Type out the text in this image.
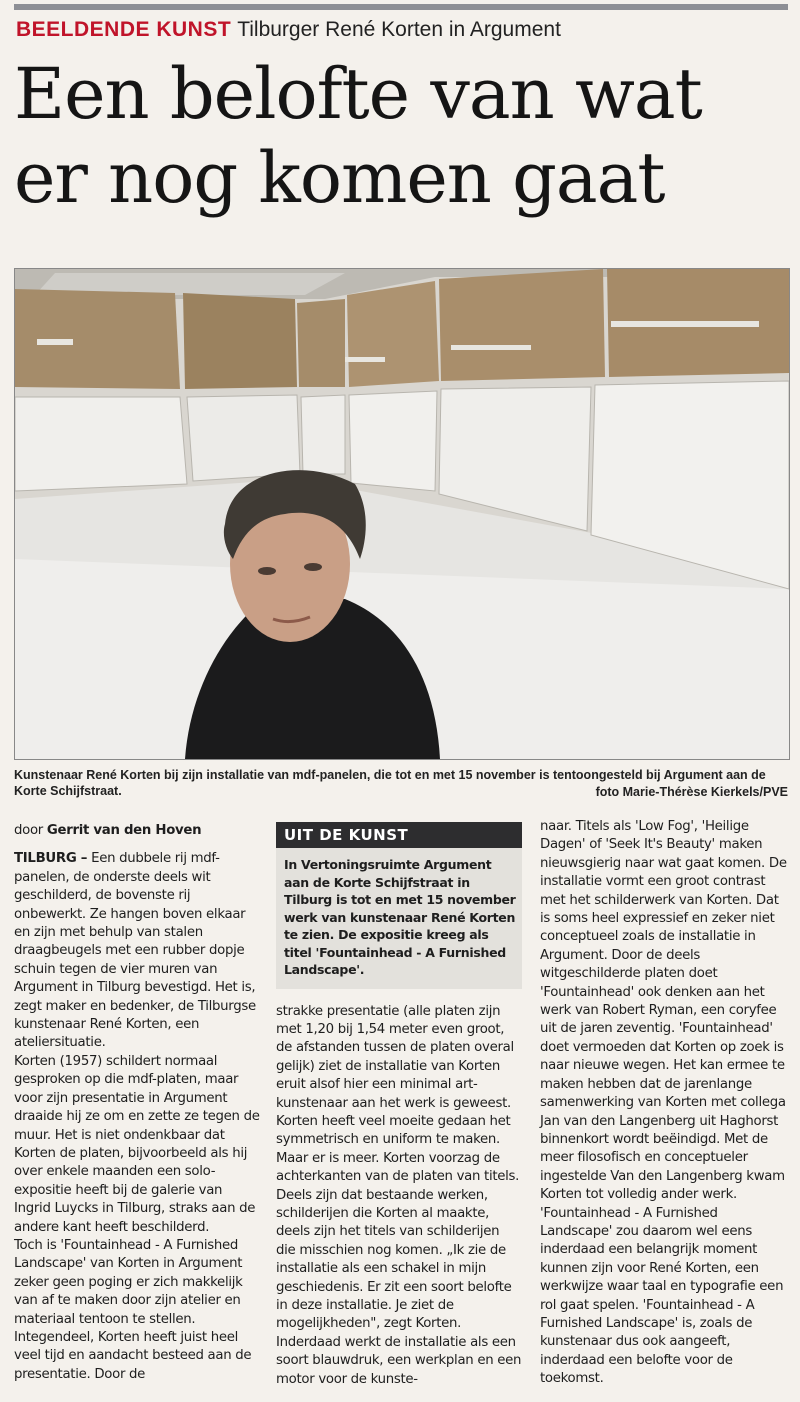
BEELDENDE KUNST Tilburger René Korten in Argument
Een belofte van wat
er nog komen gaat
Kunstenaar René Korten bij zijn installatie van mdf-panelen, die tot en met 15 november is tentoongesteld bij Argument aan de Korte Schijfstraat.	foto Marie-Thérèse Kierkels/PVE

door Gerrit van den Hoven

TILBURG – Een dubbele rij mdf-panelen, de onderste deels wit geschilderd, de bovenste rij onbewerkt. Ze hangen boven elkaar en zijn met behulp van stalen draagbeugels met een rubber dopje schuin tegen de vier muren van Argument in Tilburg bevestigd. Het is, zegt maker en bedenker, de Tilburgse kunstenaar René Korten, een ateliersituatie.

Korten (1957) schildert normaal gesproken op die mdf-platen, maar voor zijn presentatie in Argument draaide hij ze om en zette ze tegen de muur. Het is niet ondenkbaar dat Korten de platen, bijvoorbeeld als hij over enkele maanden een solo-expositie heeft bij de galerie van Ingrid Luycks in Tilburg, straks aan de andere kant heeft beschilderd.

Toch is 'Fountainhead - A Furnished Landscape' van Korten in Argument zeker geen poging er zich makkelijk van af te maken door zijn atelier en materiaal tentoon te stellen. Integendeel, Korten heeft juist heel veel tijd en aandacht besteed aan de presentatie. Door de

UIT DE KUNST
In Vertoningsruimte Argument aan de Korte Schijfstraat in Tilburg is tot en met 15 november werk van kunstenaar René Korten te zien. De expositie kreeg als titel 'Fountainhead - A Furnished Landscape'.

strakke presentatie (alle platen zijn met 1,20 bij 1,54 meter even groot, de afstanden tussen de platen overal gelijk) ziet de installatie van Korten eruit alsof hier een minimal art-kunstenaar aan het werk is geweest. Korten heeft veel moeite gedaan het symmetrisch en uniform te maken. Maar er is meer. Korten voorzag de achterkanten van de platen van titels. Deels zijn dat bestaande werken, schilderijen die Korten al maakte, deels zijn het titels van schilderijen die misschien nog komen. „Ik zie de installatie als een schakel in mijn geschiedenis. Er zit een soort belofte in deze installatie. Je ziet de mogelijkheden", zegt Korten.

Inderdaad werkt de installatie als een soort blauwdruk, een werkplan en een motor voor de kunste-

naar. Titels als 'Low Fog', 'Heilige Dagen' of 'Seek It's Beauty' maken nieuwsgierig naar wat gaat komen. De installatie vormt een groot contrast met het schilderwerk van Korten. Dat is soms heel expressief en zeker niet conceptueel zoals de installatie in Argument. Door de deels witgeschilderde platen doet 'Fountainhead' ook denken aan het werk van Robert Ryman, een coryfee uit de jaren zeventig. 'Fountainhead' doet vermoeden dat Korten op zoek is naar nieuwe wegen. Het kan ermee te maken hebben dat de jarenlange samenwerking van Korten met collega Jan van den Langenberg uit Haghorst binnenkort wordt beëindigd. Met de meer filosofisch en conceptueler ingestelde Van den Langenberg kwam Korten tot volledig ander werk. 'Fountainhead - A Furnished Landscape' zou daarom wel eens inderdaad een belangrijk moment kunnen zijn voor René Korten, een werkwijze waar taal en typografie een rol gaat spelen. 'Fountainhead - A Furnished Landscape' is, zoals de kunstenaar dus ook aangeeft, inderdaad een belofte voor de toekomst.
